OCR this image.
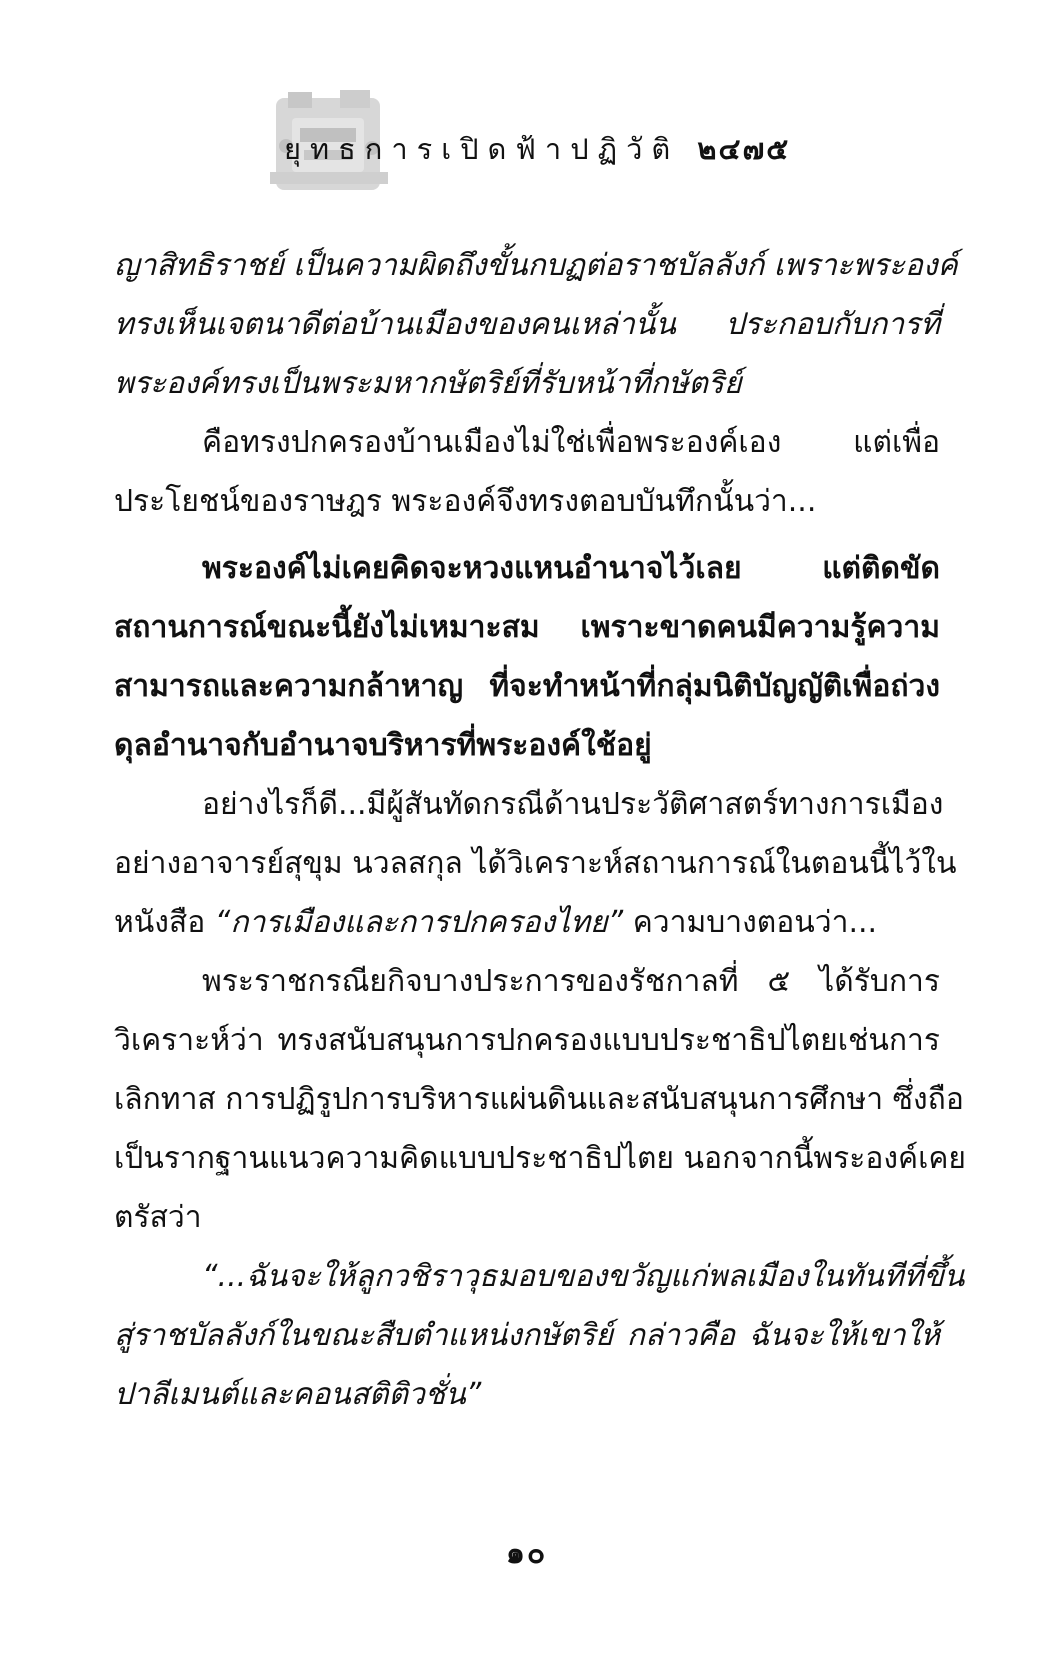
ยุทธการเปิดฟ้าปฏิวัติ ๒๔๗๕
ญาสิทธิราชย์ เป็นความผิดถึงขั้นกบฏต่อราชบัลลังก์ เพราะพระองค์
ทรงเห็นเจตนาดีต่อบ้านเมืองของคนเหล่านั้น ประกอบกับการที่
พระองค์ทรงเป็นพระมหากษัตริย์ที่รับหน้าที่กษัตริย์
คือทรงปกครองบ้านเมืองไม่ใช่เพื่อพระองค์เอง แต่เพื่อ
ประโยชน์ของราษฎร พระองค์จึงทรงตอบบันทึกนั้นว่า...
พระองค์ไม่เคยคิดจะหวงแหนอำนาจไว้เลย แต่ติดขัด
สถานการณ์ขณะนี้ยังไม่เหมาะสม เพราะขาดคนมีความรู้ความ
สามารถและความกล้าหาญ ที่จะทำหน้าที่กลุ่มนิติบัญญัติเพื่อถ่วง
ดุลอำนาจกับอำนาจบริหารที่พระองค์ใช้อยู่
อย่างไรก็ดี...มีผู้สันทัดกรณีด้านประวัติศาสตร์ทางการเมือง
อย่างอาจารย์สุขุม นวลสกุล ได้วิเคราะห์สถานการณ์ในตอนนี้ไว้ใน
หนังสือ “การเมืองและการปกครองไทย” ความบางตอนว่า...
พระราชกรณียกิจบางประการของรัชกาลที่ ๕ ได้รับการ
วิเคราะห์ว่า ทรงสนับสนุนการปกครองแบบประชาธิปไตยเช่นการ
เลิกทาส การปฏิรูปการบริหารแผ่นดินและสนับสนุนการศึกษา ซึ่งถือ
เป็นรากฐานแนวความคิดแบบประชาธิปไตย นอกจากนี้พระองค์เคย
ตรัสว่า
“...ฉันจะให้ลูกวชิราวุธมอบของขวัญแก่พลเมืองในทันทีที่ขึ้น
สู่ราชบัลลังก์ในขณะสืบตำแหน่งกษัตริย์ กล่าวคือ ฉันจะให้เขาให้
ปาลีเมนต์และคอนสติติวชั่น”
๑๐
